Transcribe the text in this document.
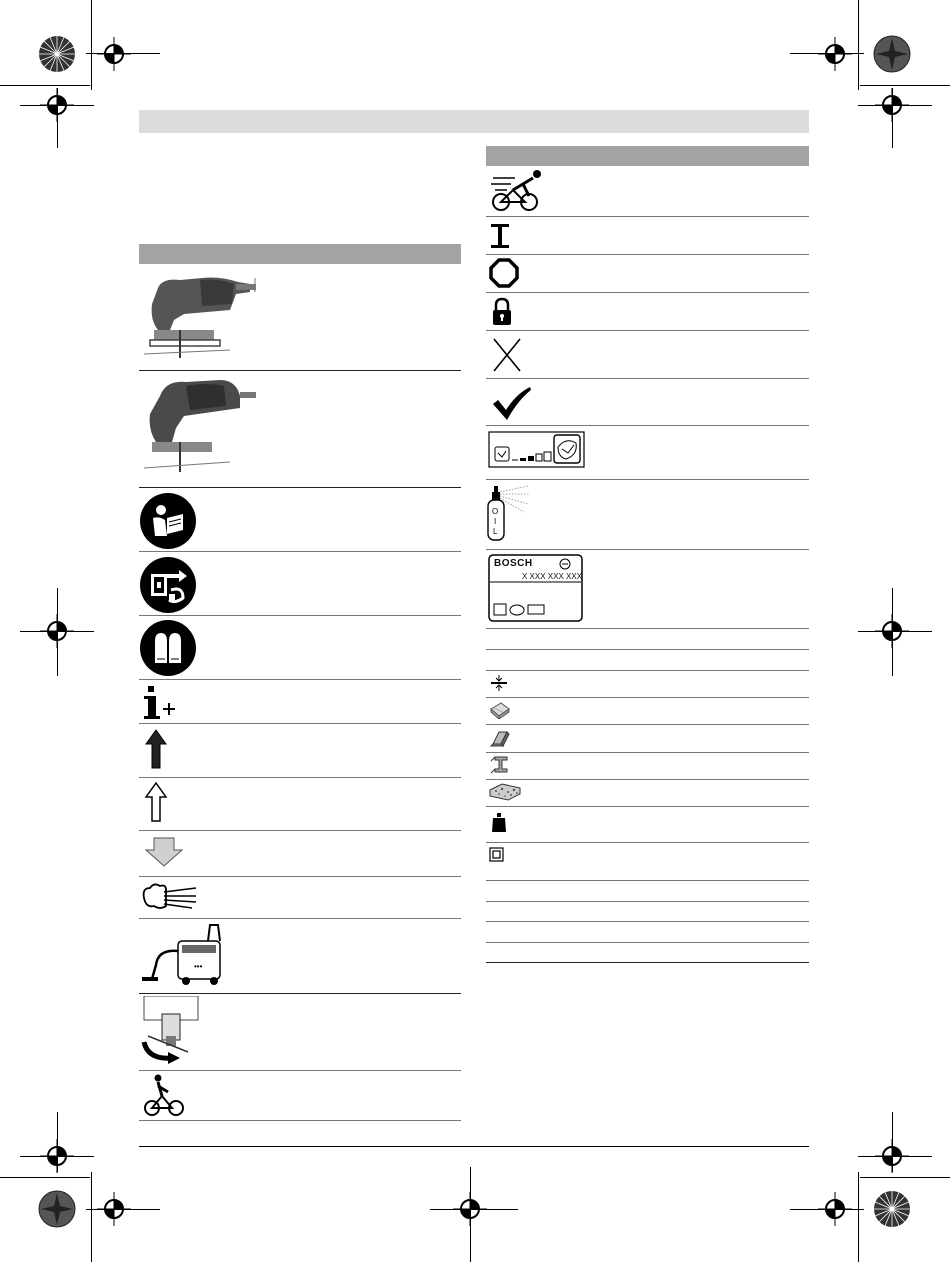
•••
O
I
L
BOSCH
X XXX XXX XXX
